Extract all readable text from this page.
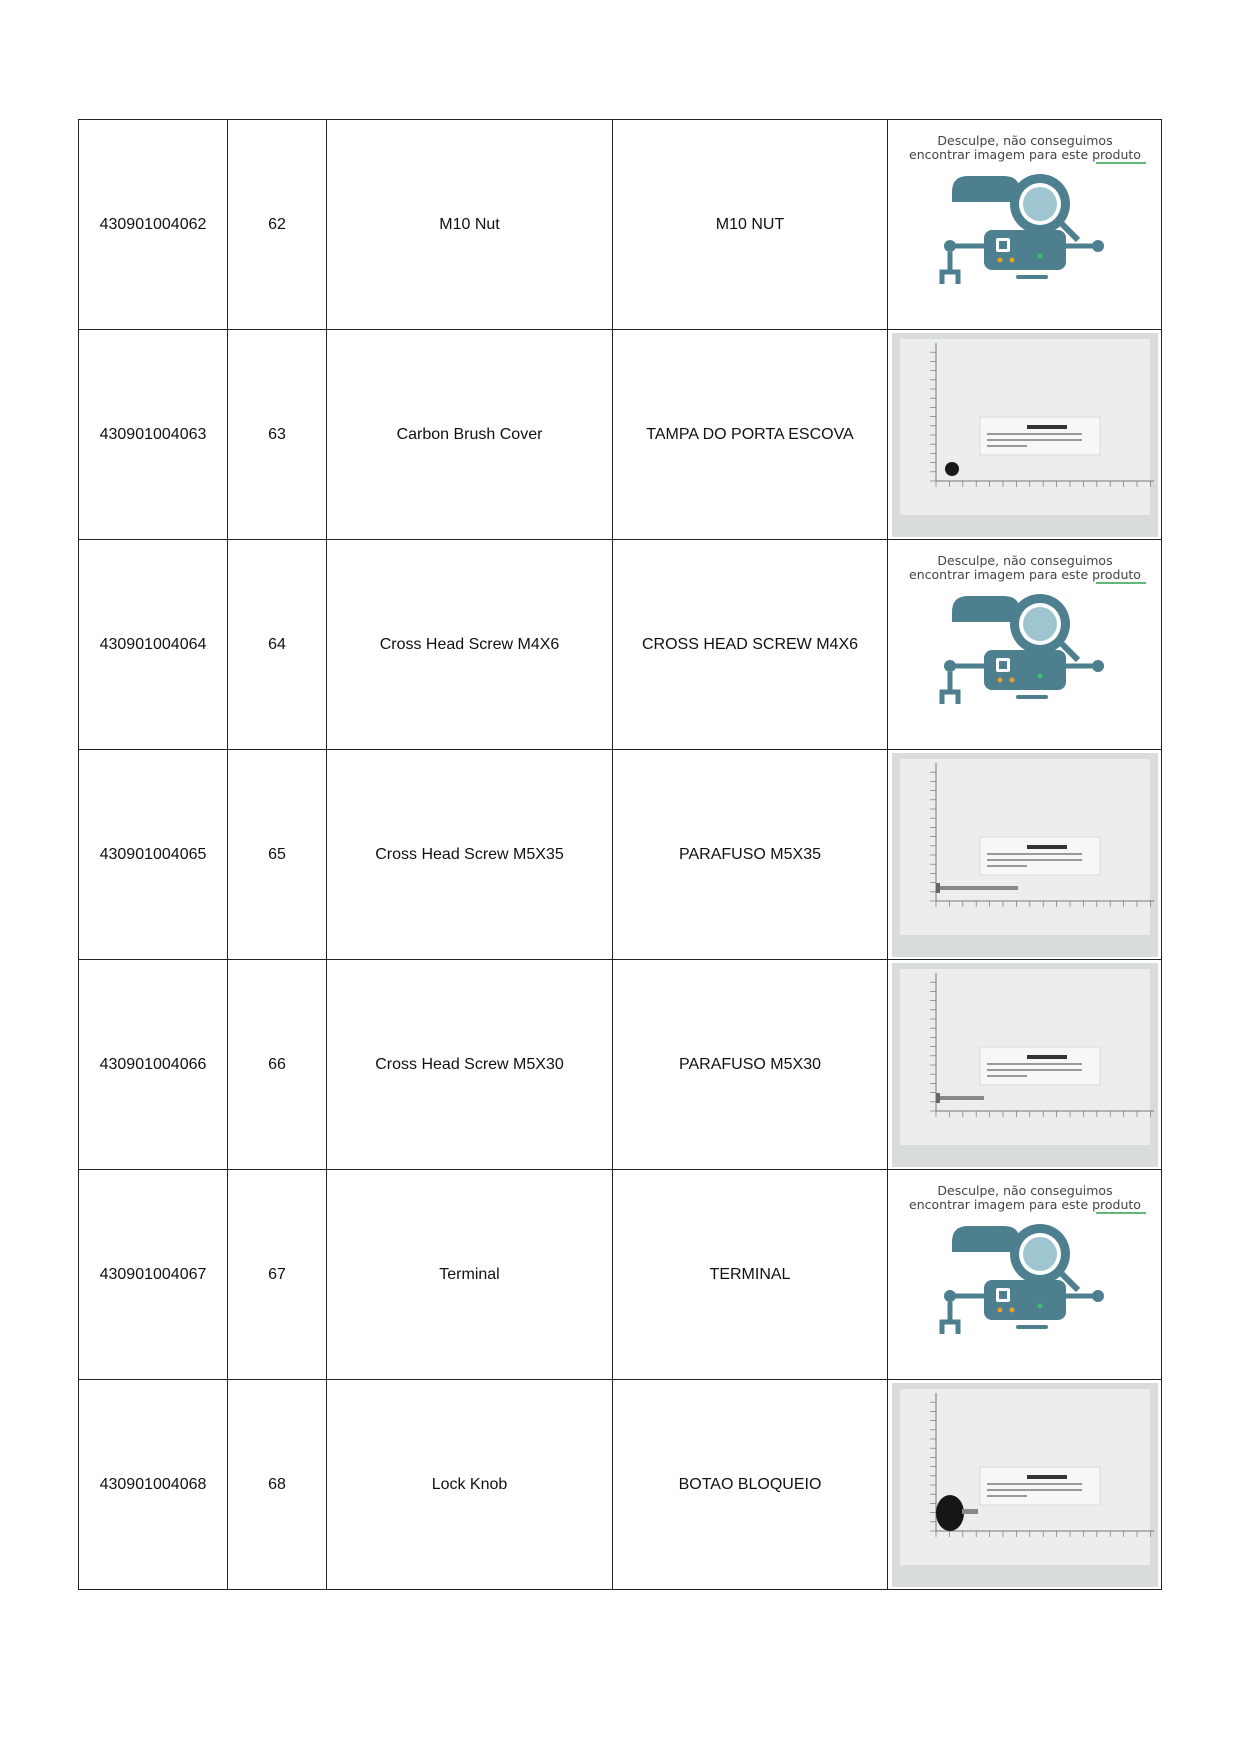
430901004062	62	M10 Nut	M10 NUT	Desculpe, não conseguimos
encontrar imagem para este produto

430901004063	63	Carbon Brush Cover	TAMPA DO PORTA ESCOVA	

430901004064	64	Cross Head Screw M4X6	CROSS HEAD SCREW M4X6	Desculpe, não conseguimos
encontrar imagem para este produto

430901004065	65	Cross Head Screw M5X35	PARAFUSO M5X35	

430901004066	66	Cross Head Screw M5X30	PARAFUSO M5X30	

430901004067	67	Terminal	TERMINAL	Desculpe, não conseguimos
encontrar imagem para este produto

430901004068	68	Lock Knob	BOTAO BLOQUEIO	
